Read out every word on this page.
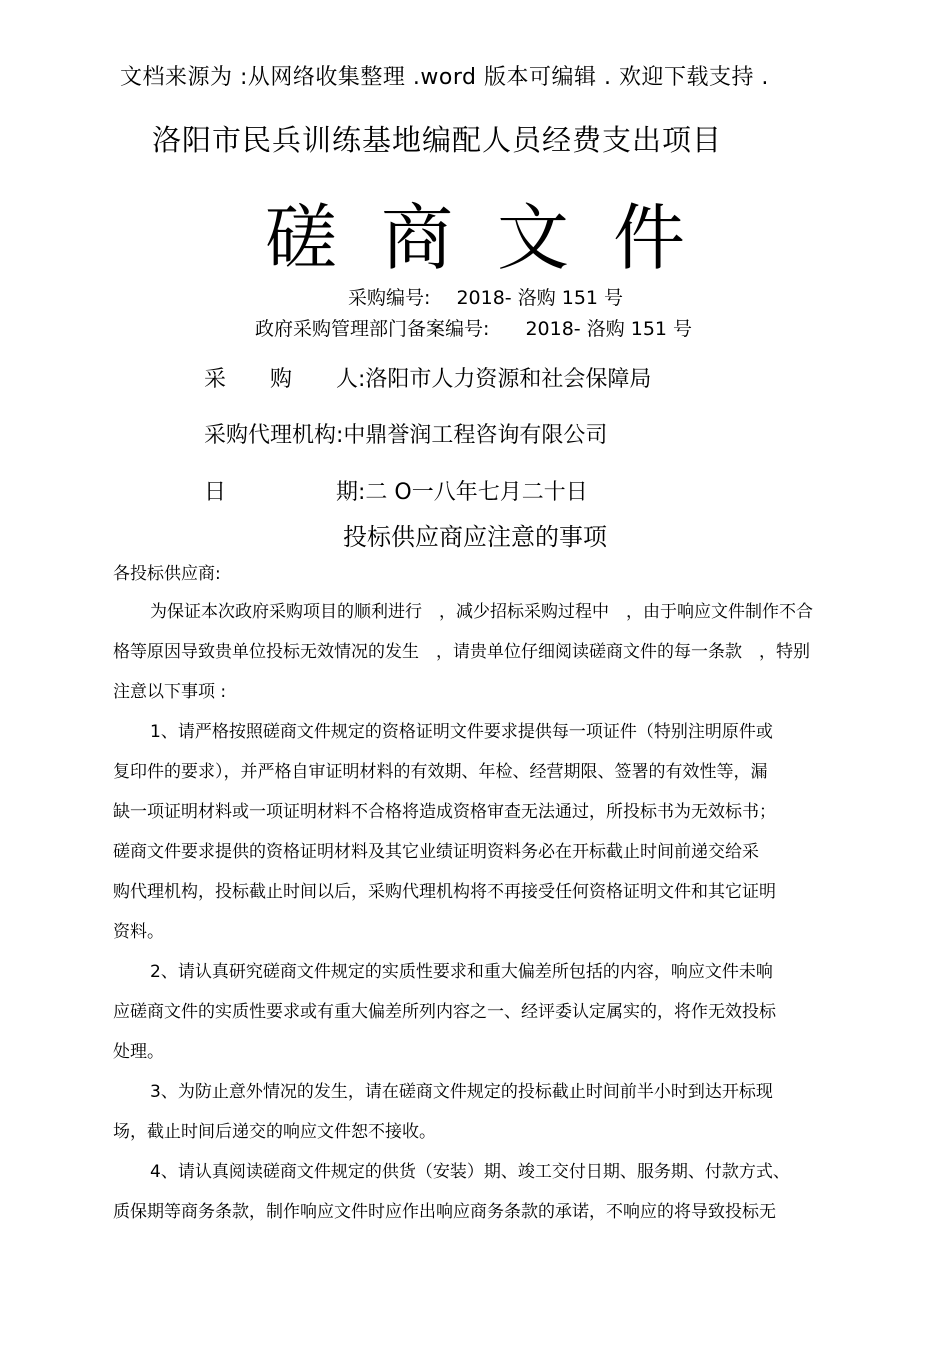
文档来源为 :从网络收集整理 .word 版本可编辑 . 欢迎下载支持 .
洛阳市民兵训练基地编配人员经费支出项目
磋商文件
采购编号: 2018- 洛购 151 号
政府采购管理部门备案编号: 2018- 洛购 151 号
采　　购　　人:洛阳市人力资源和社会保障局
采购代理机构:中鼎誉润工程咨询有限公司
日　　　　　期:二 O一八年七月二十日
投标供应商应注意的事项
各投标供应商:
为保证本次政府采购项目的顺利进行　，减少招标采购过程中　，由于响应文件制作不合
格等原因导致贵单位投标无效情况的发生　，请贵单位仔细阅读磋商文件的每一条款　，特别
注意以下事项 :
1、请严格按照磋商文件规定的资格证明文件要求提供每一项证件（特别注明原件或
复印件的要求），并严格自审证明材料的有效期、年检、经营期限、签署的有效性等，漏
缺一项证明材料或一项证明材料不合格将造成资格审查无法通过，所投标书为无效标书；
磋商文件要求提供的资格证明材料及其它业绩证明资料务必在开标截止时间前递交给采
购代理机构，投标截止时间以后，采购代理机构将不再接受任何资格证明文件和其它证明
资料。
2、请认真研究磋商文件规定的实质性要求和重大偏差所包括的内容，响应文件未响
应磋商文件的实质性要求或有重大偏差所列内容之一、经评委认定属实的，将作无效投标
处理。
3、为防止意外情况的发生，请在磋商文件规定的投标截止时间前半小时到达开标现
场，截止时间后递交的响应文件恕不接收。
4、请认真阅读磋商文件规定的供货（安装）期、竣工交付日期、服务期、付款方式、
质保期等商务条款，制作响应文件时应作出响应商务条款的承诺，不响应的将导致投标无
